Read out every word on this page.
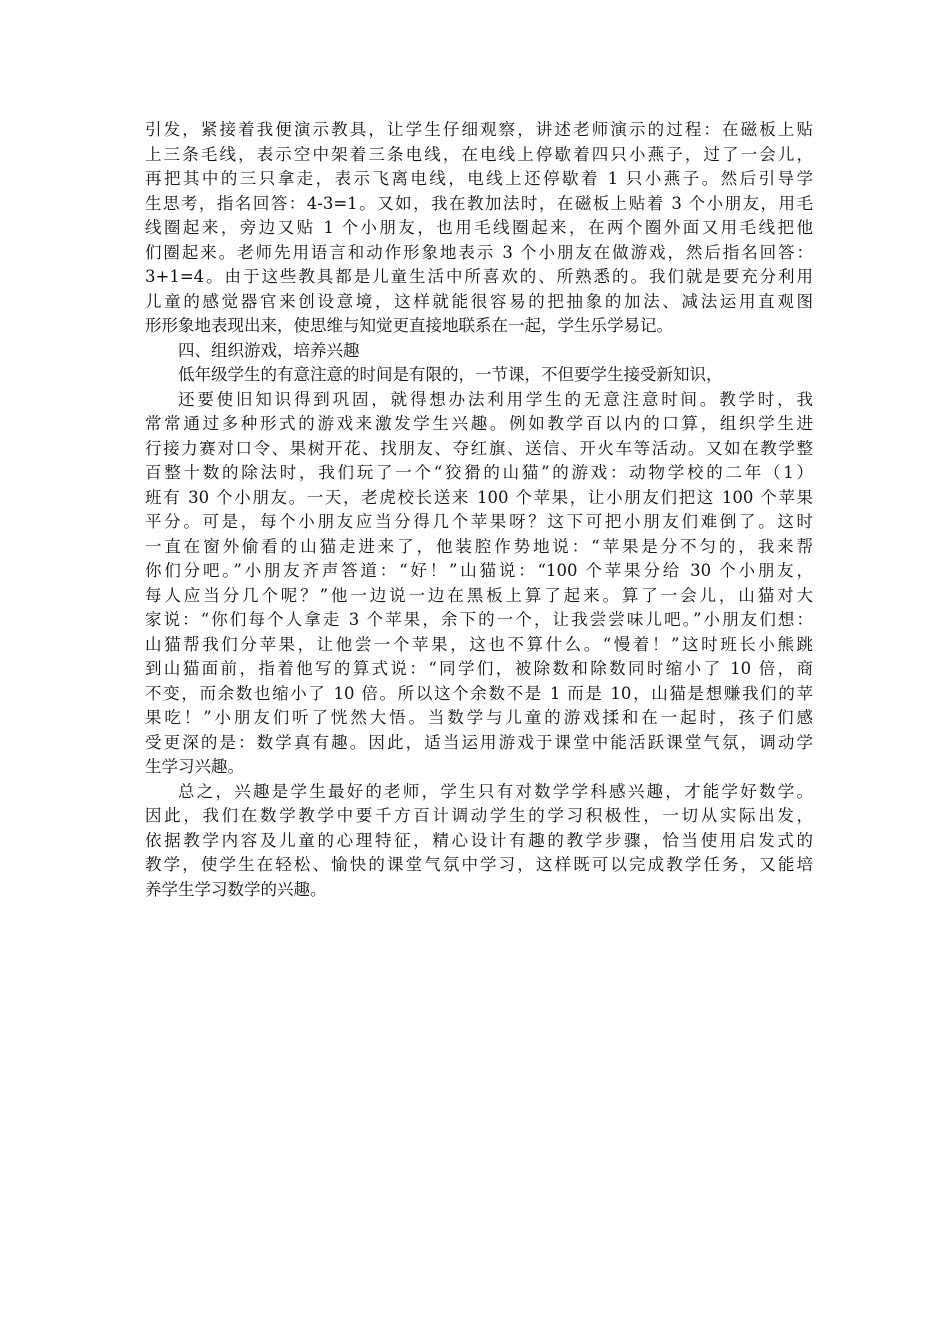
引发，紧接着我便演示教具，让学生仔细观察，讲述老师演示的过程：在磁板上贴
上三条毛线，表示空中架着三条电线，在电线上停歇着四只小燕子，过了一会儿，
再把其中的三只拿走，表示飞离电线，电线上还停歇着 1 只小燕子。然后引导学
生思考，指名回答：4-3=1。又如，我在教加法时，在磁板上贴着 3 个小朋友，用毛
线圈起来，旁边又贴 1 个小朋友，也用毛线圈起来，在两个圈外面又用毛线把他
们圈起来。老师先用语言和动作形象地表示 3 个小朋友在做游戏，然后指名回答：
3+1=4。由于这些教具都是儿童生活中所喜欢的、所熟悉的。我们就是要充分利用
儿童的感觉器官来创设意境，这样就能很容易的把抽象的加法、减法运用直观图
形形象地表现出来，使思维与知觉更直接地联系在一起，学生乐学易记。
四、组织游戏，培养兴趣
低年级学生的有意注意的时间是有限的，一节课，不但要学生接受新知识，
还要使旧知识得到巩固，就得想办法利用学生的无意注意时间。教学时，我
常常通过多种形式的游戏来激发学生兴趣。例如教学百以内的口算，组织学生进
行接力赛对口令、果树开花、找朋友、夺红旗、送信、开火车等活动。又如在教学整
百整十数的除法时，我们玩了一个“狡猾的山猫”的游戏：动物学校的二年（1）
班有 30 个小朋友。一天，老虎校长送来 100 个苹果，让小朋友们把这 100 个苹果
平分。可是，每个小朋友应当分得几个苹果呀？这下可把小朋友们难倒了。这时
一直在窗外偷看的山猫走进来了，他装腔作势地说：“苹果是分不匀的，我来帮
你们分吧。”小朋友齐声答道：“好！”山猫说：“100 个苹果分给 30 个小朋友，
每人应当分几个呢？”他一边说一边在黑板上算了起来。算了一会儿，山猫对大
家说：“你们每个人拿走 3 个苹果，余下的一个，让我尝尝味儿吧。”小朋友们想：
山猫帮我们分苹果，让他尝一个苹果，这也不算什么。“慢着！”这时班长小熊跳
到山猫面前，指着他写的算式说：“同学们，被除数和除数同时缩小了 10 倍，商
不变，而余数也缩小了 10 倍。所以这个余数不是 1 而是 10，山猫是想赚我们的苹
果吃！”小朋友们听了恍然大悟。当数学与儿童的游戏揉和在一起时，孩子们感
受更深的是：数学真有趣。因此，适当运用游戏于课堂中能活跃课堂气氛，调动学
生学习兴趣。
总之，兴趣是学生最好的老师，学生只有对数学学科感兴趣，才能学好数学。
因此，我们在数学教学中要千方百计调动学生的学习积极性，一切从实际出发，
依据教学内容及儿童的心理特征，精心设计有趣的教学步骤，恰当使用启发式的
教学，使学生在轻松、愉快的课堂气氛中学习，这样既可以完成教学任务，又能培
养学生学习数学的兴趣。
